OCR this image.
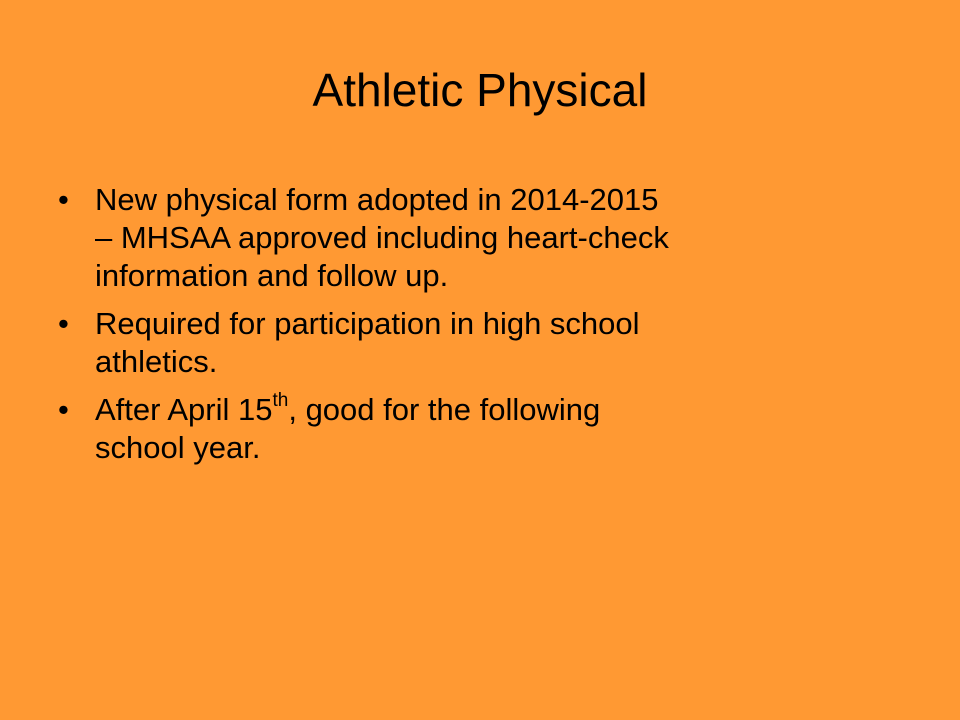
Athletic Physical
• New physical form adopted in 2014-2015
– MHSAA approved including heart-check
information and follow up.
• Required for participation in high school
athletics.
• After April 15th, good for the following
school year.
